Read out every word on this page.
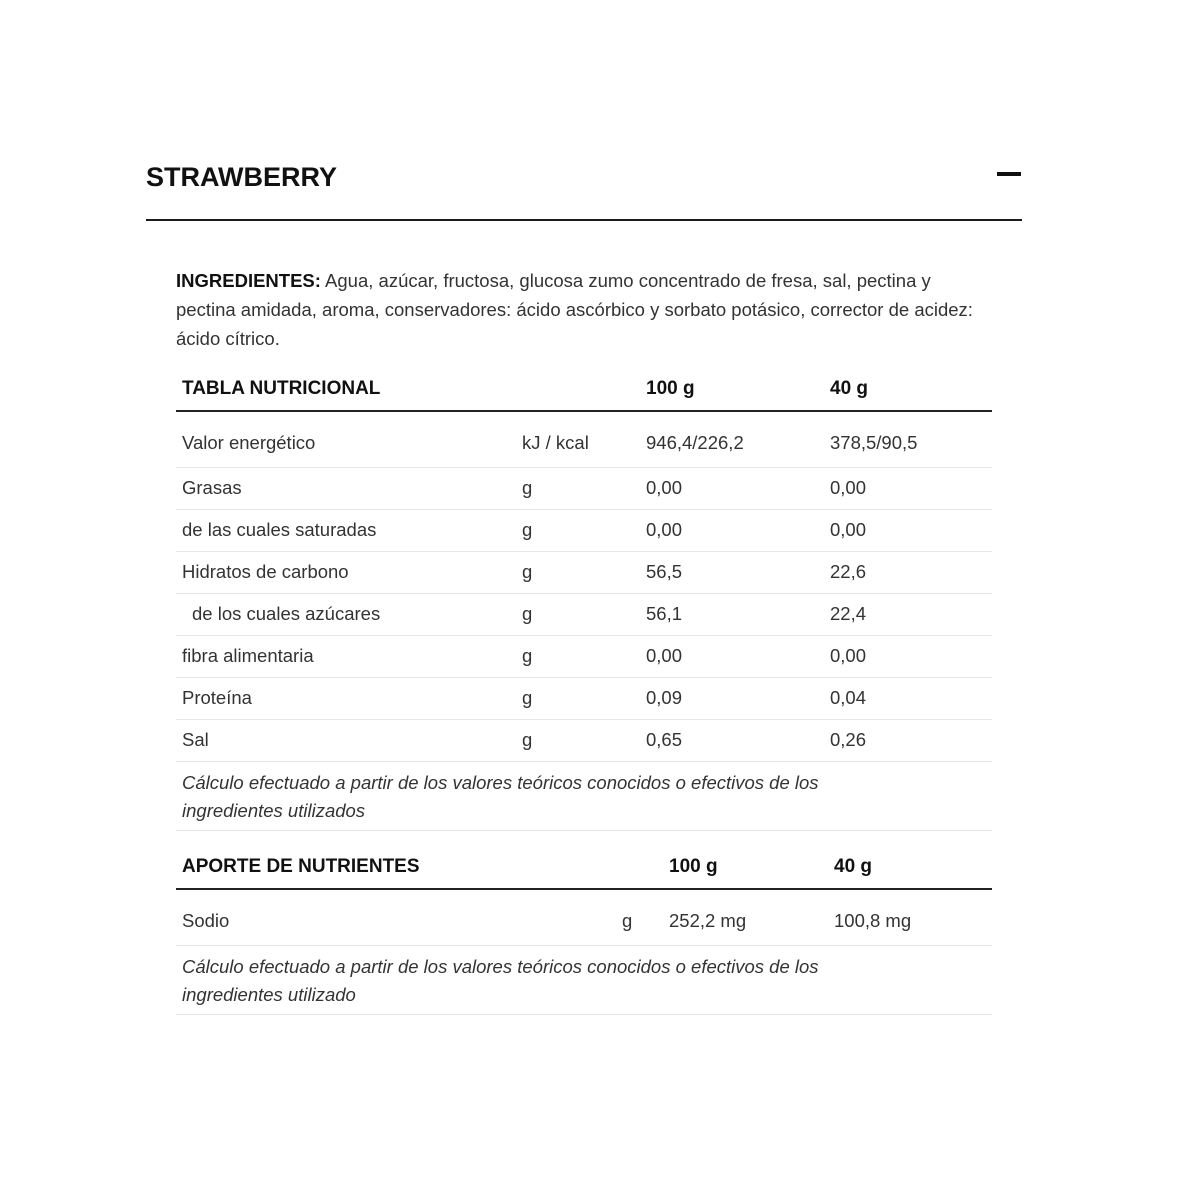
STRAWBERRY

INGREDIENTES: Agua, azúcar, fructosa, glucosa zumo concentrado de fresa, sal, pectina y pectina amidada, aroma, conservadores: ácido ascórbico y sorbato potásico, corrector de acidez: ácido cítrico.

TABLA NUTRICIONAL		100 g	40 g
Valor energético	kJ / kcal	946,4/226,2	378,5/90,5
Grasas	g	0,00	0,00
de las cuales saturadas	g	0,00	0,00
Hidratos de carbono	g	56,5	22,6
de los cuales azúcares	g	56,1	22,4
fibra alimentaria	g	0,00	0,00
Proteína	g	0,09	0,04
Sal	g	0,65	0,26
Cálculo efectuado a partir de los valores teóricos conocidos o efectivos de los ingredientes utilizados			
APORTE DE NUTRIENTES		100 g	40 g
Sodio	g	252,2 mg	100,8 mg
Cálculo efectuado a partir de los valores teóricos conocidos o efectivos de los ingredientes utilizado			
